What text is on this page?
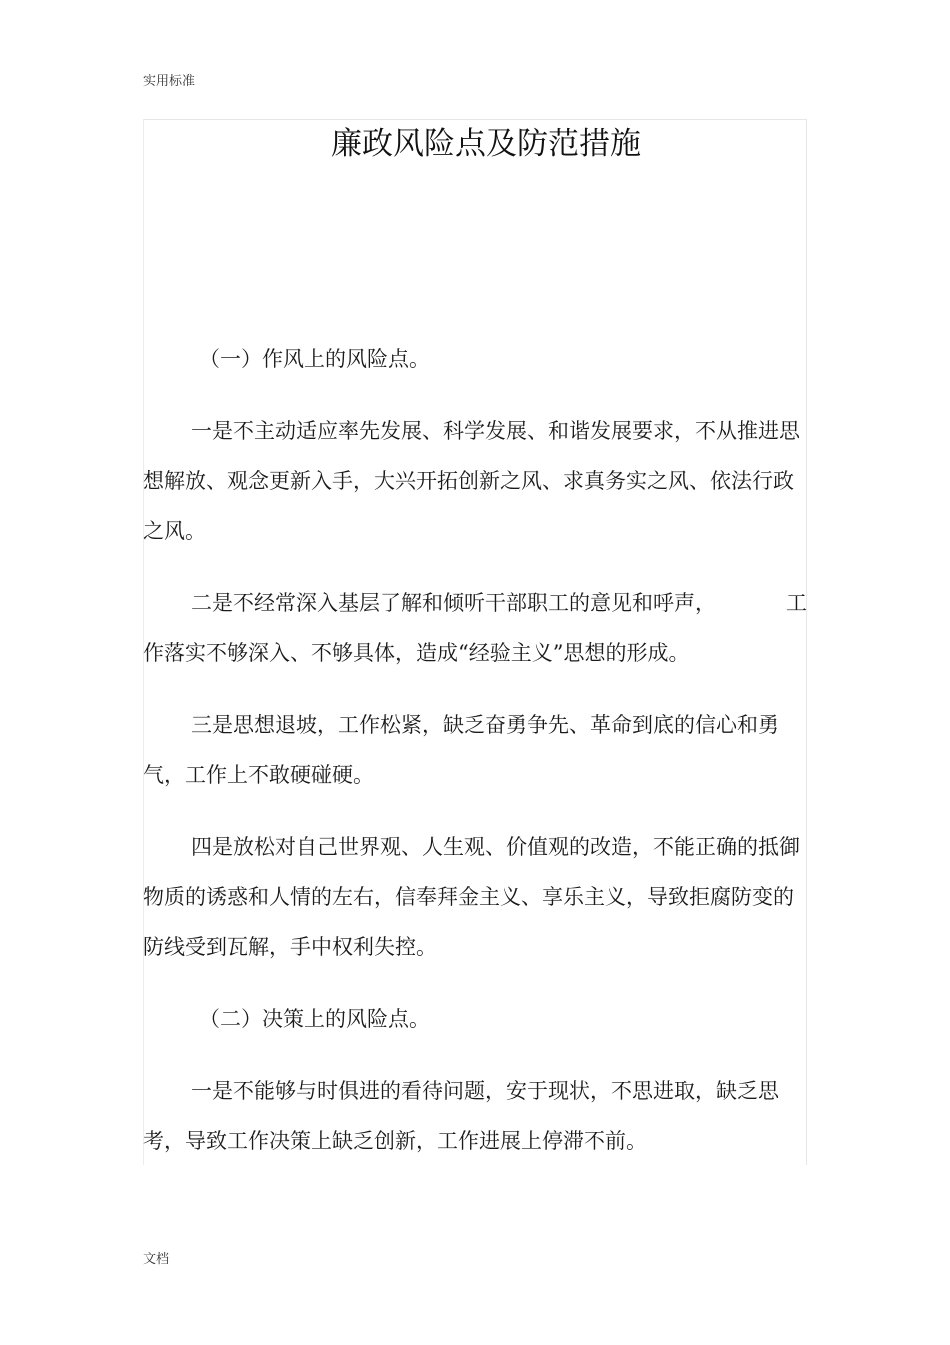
实用标准
廉政风险点及防范措施

（一）作风上的风险点。

一是不主动适应率先发展、科学发展、和谐发展要求，不从推进思想解放、观念更新入手，大兴开拓创新之风、求真务实之风、依法行政之风。

二是不经常深入基层了解和倾听干部职工的意见和呼声，	工

作落实不够深入、不够具体，造成“经验主义”思想的形成。

三是思想退坡，工作松紧，缺乏奋勇争先、革命到底的信心和勇气，工作上不敢硬碰硬。

四是放松对自己世界观、人生观、价值观的改造，不能正确的抵御物质的诱惑和人情的左右，信奉拜金主义、享乐主义，导致拒腐防变的防线受到瓦解，手中权利失控。

（二）决策上的风险点。

一是不能够与时俱进的看待问题，安于现状，不思进取，缺乏思考，导致工作决策上缺乏创新，工作进展上停滞不前。

文档
